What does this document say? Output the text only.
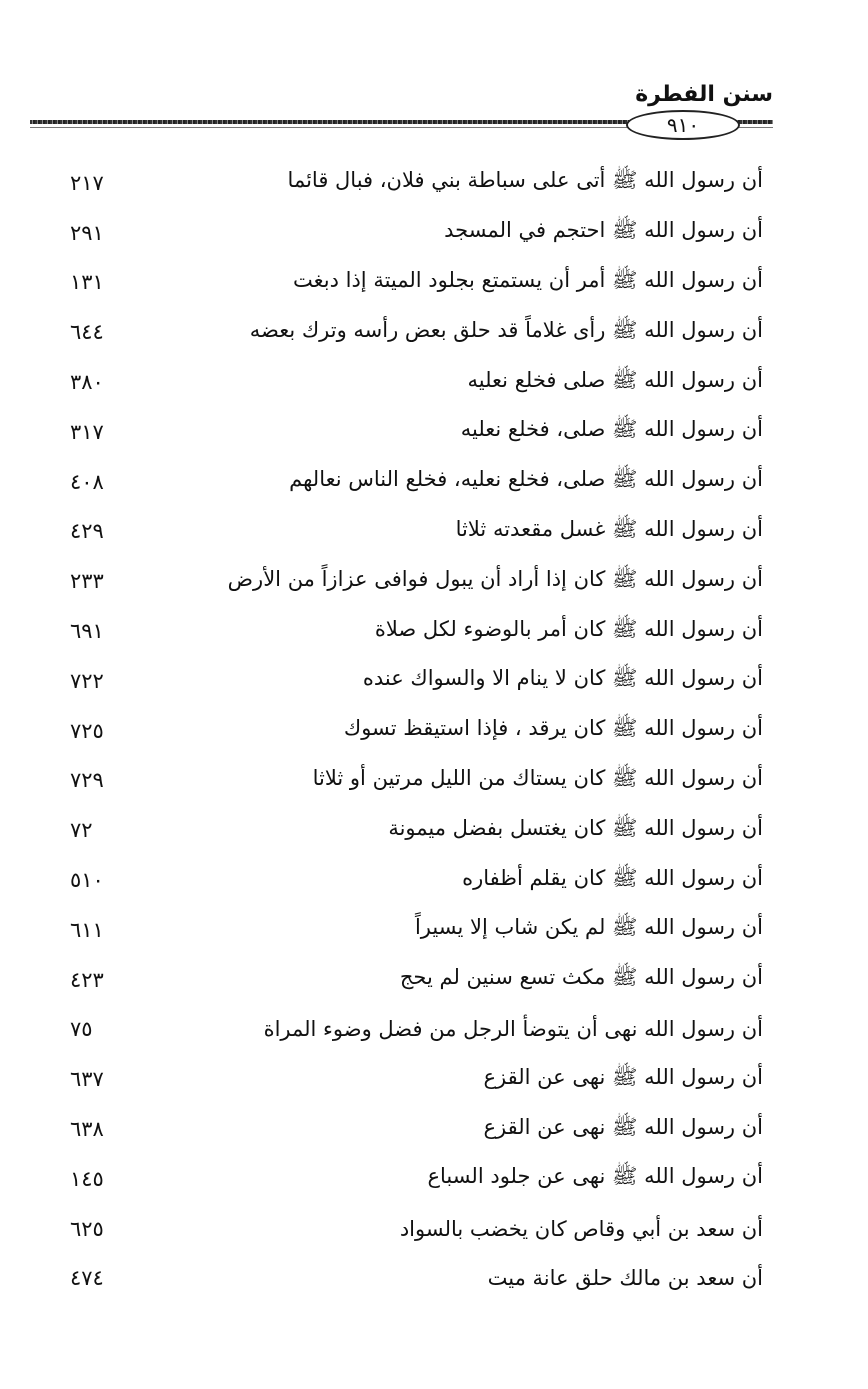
سنن الفطرة
٩١٠
أن رسول الله ﷺ أتى على سباطة بني فلان، فبال قائما
٢١٧
أن رسول الله ﷺ احتجم في المسجد
٢٩١
أن رسول الله ﷺ أمر أن يستمتع بجلود الميتة إذا دبغت
١٣١
أن رسول الله ﷺ رأى غلاماً قد حلق بعض رأسه وترك بعضه
٦٤٤
أن رسول الله ﷺ صلى فخلع نعليه
٣٨٠
أن رسول الله ﷺ صلى، فخلع نعليه
٣١٧
أن رسول الله ﷺ صلى، فخلع نعليه، فخلع الناس نعالهم
٤٠٨
أن رسول الله ﷺ غسل مقعدته ثلاثا
٤٢٩
أن رسول الله ﷺ كان إذا أراد أن يبول فوافى عزازاً من الأرض
٢٣٣
أن رسول الله ﷺ كان أمر بالوضوء لكل صلاة
٦٩١
أن رسول الله ﷺ كان لا ينام الا والسواك عنده
٧٢٢
أن رسول الله ﷺ كان يرقد ، فإذا استيقظ تسوك
٧٢٥
أن رسول الله ﷺ كان يستاك من الليل مرتين أو ثلاثا
٧٢٩
أن رسول الله ﷺ كان يغتسل بفضل ميمونة
٧٢
أن رسول الله ﷺ كان يقلم أظفاره
٥١٠
أن رسول الله ﷺ لم يكن شاب إلا يسيراً
٦١١
أن رسول الله ﷺ مكث تسع سنين لم يحج
٤٢٣
أن رسول الله نهى أن يتوضأ الرجل من فضل وضوء المراة
٧٥
أن رسول الله ﷺ نهى عن القزع
٦٣٧
أن رسول الله ﷺ نهى عن القزع
٦٣٨
أن رسول الله ﷺ نهى عن جلود السباع
١٤٥
أن سعد بن أبي وقاص كان يخضب بالسواد
٦٢٥
أن سعد بن مالك حلق عانة ميت
٤٧٤
